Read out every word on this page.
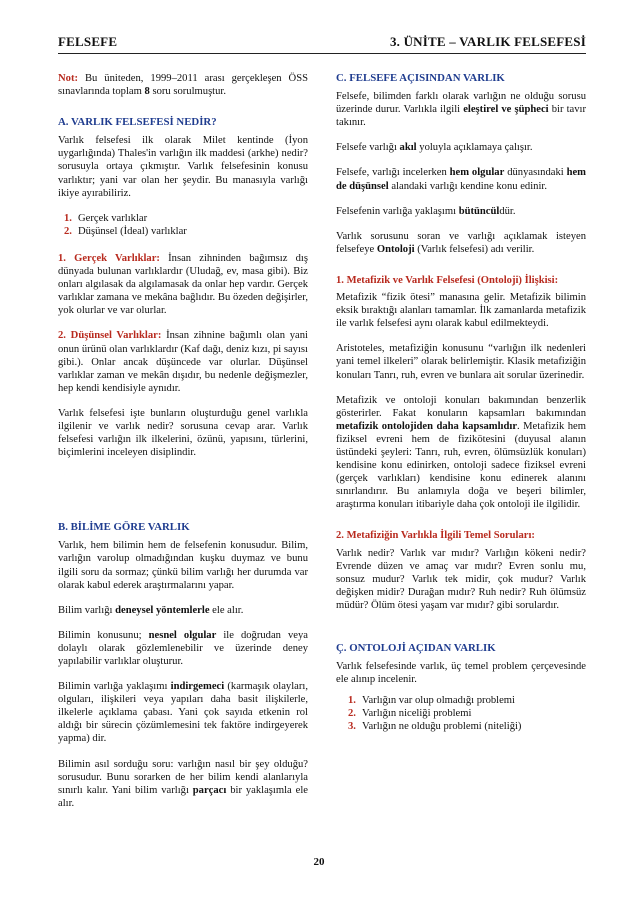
FELSEFE	3. ÜNİTE – VARLIK FELSEFESİ

Not: Bu üniteden, 1999–2011 arası gerçekleşen ÖSS sınavlarında toplam 8 soru sorulmuştur.

A. VARLIK FELSEFESİ NEDİR?

Varlık felsefesi ilk olarak Milet kentinde (İyon uygarlığında) Thales'in varlığın ilk maddesi (arkhe) nedir? sorusuyla ortaya çıkmıştır. Varlık felsefesinin konusu varlıktır; yani var olan her şeydir. Bu manasıyla varlığı ikiye ayırabiliriz.

1. Gerçek varlıklar
2. Düşünsel (İdeal) varlıklar

1. Gerçek Varlıklar: İnsan zihninden bağımsız dış dünyada bulunan varlıklardır (Uludağ, ev, masa gibi). Biz onları algılasak da algılamasak da onlar hep vardır. Gerçek varlıklar zamana ve mekâna bağlıdır. Bu özeden değişirler, yok olurlar ve var olurlar.

2. Düşünsel Varlıklar: İnsan zihnine bağımlı olan yani onun ürünü olan varlıklardır (Kaf dağı, deniz kızı, pi sayısı gibi.). Onlar ancak düşüncede var olurlar. Düşünsel varlıklar zaman ve mekân dışıdır, bu nedenle değişmezler, hep kendi kendisiyle aynıdır.

Varlık felsefesi işte bunların oluşturduğu genel varlıkla ilgilenir ve varlık nedir? sorusuna cevap arar. Varlık felsefesi varlığın ilk ilkelerini, özünü, yapısını, türlerini, biçimlerini inceleyen disiplindir.

B. BİLİME GÖRE VARLIK

Varlık, hem bilimin hem de felsefenin konusudur. Bilim, varlığın varolup olmadığından kuşku duymaz ve bunu ilgili soru da sormaz; çünkü bilim varlığı her durumda var olarak kabul ederek araştırmalarını yapar.

Bilim varlığı deneysel yöntemlerle ele alır.

Bilimin konusunu; nesnel olgular ile doğrudan veya dolaylı olarak gözlemlenebilir ve üzerinde deney yapılabilir varlıklar oluşturur.

Bilimin varlığa yaklaşımı indirgemeci (karmaşık olayları, olguları, ilişkileri veya yapıları daha basit ilişkilerle, ilkelerle açıklama çabası. Yani çok sayıda etkenin rol aldığı bir sürecin çözümlemesini tek faktöre indirgeyerek yapma) dir.

Bilimin asıl sorduğu soru: varlığın nasıl bir şey olduğu? sorusudur. Bunu sorarken de her bilim kendi alanlarıyla sınırlı kalır. Yani bilim varlığı parçacı bir yaklaşımla ele alır.

C. FELSEFE AÇISINDAN VARLIK

Felsefe, bilimden farklı olarak varlığın ne olduğu sorusu üzerinde durur. Varlıkla ilgili eleştirel ve şüpheci bir tavır takınır.

Felsefe varlığı akıl yoluyla açıklamaya çalışır.

Felsefe, varlığı incelerken hem olgular dünyasındaki hem de düşünsel alandaki varlığı kendine konu edinir.

Felsefenin varlığa yaklaşımı bütüncüldür.

Varlık sorusunu soran ve varlığı açıklamak isteyen felsefeye Ontoloji (Varlık felsefesi) adı verilir.

1. Metafizik ve Varlık Felsefesi (Ontoloji) İlişkisi:

Metafizik “fizik ötesi” manasına gelir. Metafizik bilimin eksik bıraktığı alanları tamamlar. İlk zamanlarda metafizik ile varlık felsefesi aynı olarak kabul edilmekteydi.

Aristoteles, metafiziğin konusunu “varlığın ilk nedenleri yani temel ilkeleri” olarak belirlemiştir. Klasik metafiziğin konuları Tanrı, ruh, evren ve bunlara ait sorular üzerinedir.

Metafizik ve ontoloji konuları bakımından benzerlik gösterirler. Fakat konuların kapsamları bakımından metafizik ontolojiden daha kapsamlıdır. Metafizik hem fiziksel evreni hem de fizikötesini (duyusal alanın üstündeki şeyleri: Tanrı, ruh, evren, ölümsüzlük konuları) kendisine konu edinirken, ontoloji sadece fiziksel evreni (gerçek varlıkları) kendisine konu edinerek alanını sınırlandırır. Bu anlamıyla doğa ve beşeri bilimler, araştırma konuları itibariyle daha çok ontoloji ile ilgilidir.

2. Metafiziğin Varlıkla İlgili Temel Soruları:

Varlık nedir? Varlık var mıdır? Varlığın kökeni nedir? Evrende düzen ve amaç var mıdır? Evren sonlu mu, sonsuz mudur? Varlık tek midir, çok mudur? Varlık değişken midir? Durağan mıdır? Ruh nedir? Ruh ölümsüz müdür? Ölüm ötesi yaşam var mıdır? gibi sorulardır.

Ç. ONTOLOJİ AÇIDAN VARLIK

Varlık felsefesinde varlık, üç temel problem çerçevesinde ele alınıp incelenir.

1. Varlığın var olup olmadığı problemi
2. Varlığın niceliği problemi
3. Varlığın ne olduğu problemi (niteliği)
20
